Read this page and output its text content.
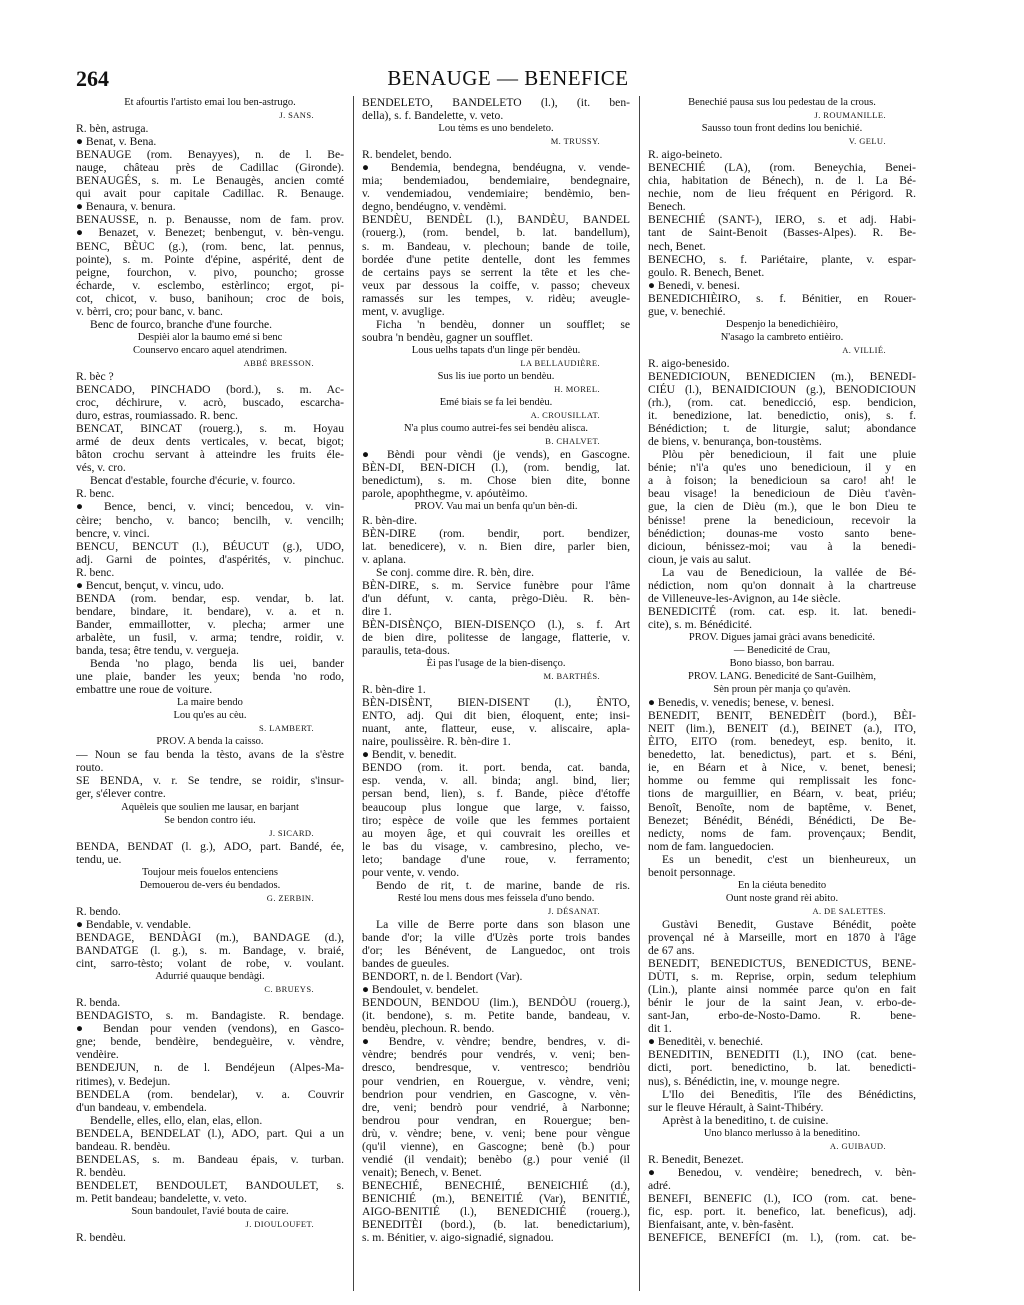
264	BENAUGE — BENEFICE
Et afourtis l'artisto emai lou ben-astrugo.
J. SANS.
R. bèn, astruga.
● Benat, v. Bena.
BENAUGE (rom. Benayyes), n. de l. Be-
nauge, château près de Cadillac (Gironde).
BENAUGÉS, s. m. Le Benaugès, ancien comté
qui avait pour capitale Cadillac. R. Benauge.
● Benaura, v. benura.
BENAUSSE, n. p. Benausse, nom de fam. prov.
● Benazet, v. Benezet; benbengut, v. bèn-vengu.
BENC, BÈUC (g.), (rom. benc, lat. pennus,
pointe), s. m. Pointe d'épine, aspérité, dent de
peigne, fourchon, v. pivo, pouncho; grosse
écharde, v. esclembo, estèrlinco; ergot, pi-
cot, chicot, v. buso, banihoun; croc de bois,
v. bèrri, cro; pour banc, v. banc.
Benc de fourco, branche d'une fourche.
Despièi alor la baumo emé si benc
Counservo encaro aquel atendrimen.
ABBÉ BRESSON.
R. bèc ?
BENCADO, PINCHADO (bord.), s. m. Ac-
croc, déchirure, v. acrò, buscado, escarcha-
duro, estras, roumiassado. R. benc.
BENCAT, BINCAT (rouerg.), s. m. Hoyau
armé de deux dents verticales, v. becat, bigot;
bâton crochu servant à atteindre les fruits éle-
vés, v. cro.
Bencat d'estable, fourche d'écurie, v. fourco.
R. benc.
● Bence, benci, v. vinci; bencedou, v. vin-
cèire; bencho, v. banco; bencilh, v. vencilh;
bencre, v. vinci.
BENCU, BENCUT (l.), BÉUCUT (g.), UDO,
adj. Garni de pointes, d'aspérités, v. pinchuc.
R. benc.
● Bencut, bençut, v. vincu, udo.
BENDA (rom. bendar, esp. vendar, b. lat.
bendare, bindare, it. bendare), v. a. et n.
Bander, emmaillotter, v. plecha; armer une
arbalète, un fusil, v. arma; tendre, roidir, v.
banda, tesa; être tendu, v. vergueja.
Benda 'no plago, benda lis uei, bander
une plaie, bander les yeux; benda 'no rodo,
embattre une roue de voiture.
La maire bendo
Lou qu'es au cèu.
S. LAMBERT.
PROV. A benda la caisso.
— Noun se fau benda la tèsto, avans de la s'èstre
routo.
SE BENDA, v. r. Se tendre, se roidir, s'insur-
ger, s'élever contre.
Aquèleis que soulien me lausar, en barjant
Se bendon contro iéu.
J. SICARD.
BENDA, BENDAT (l. g.), ADO, part. Bandé, ée,
tendu, ue.
Toujour meis fouelos entenciens
Demouerou de-vers éu bendados.
G. ZERBIN.
R. bendo.
● Bendable, v. vendable.
BENDAGE, BENDÀGI (m.), BANDAGE (d.),
BANDATGE (l. g.), s. m. Bandage, v. braié,
cint, sarro-tèsto; volant de robe, v. voulant.
Adurrié quauque bendàgi.
C. BRUEYS.
R. benda.
BENDAGISTO, s. m. Bandagiste. R. bendage.
● Bendan pour venden (vendons), en Gasco-
gne; bende, bendèire, bendeguèire, v. vèndre,
vendèire.
BENDEJUN, n. de l. Bendéjeun (Alpes-Ma-
ritimes), v. Bedejun.
BENDELA (rom. bendelar), v. a. Couvrir
d'un bandeau, v. embendela.
Bendelle, elles, ello, elan, elas, ellon.
BENDELA, BENDELAT (l.), ADO, part. Qui a un
bandeau. R. bendèu.
BENDELAS, s. m. Bandeau épais, v. turban.
R. bendèu.
BENDELET, BENDOULET, BANDOULET, s.
m. Petit bandeau; bandelette, v. veto.
Soun bandoulet, l'avié bouta de caire.
J. DIOULOUFET.
R. bendèu.
BENDELETO, BANDELETO (l.), (it. ben-
della), s. f. Bandelette, v. veto.
Lou tèms es uno bendeleto.
M. TRUSSY.
R. bendelet, bendo.
● Bendemia, bendegna, bendéugna, v. vende-
mia; bendemiadou, bendemiaire, bendegnaire,
v. vendemiadou, vendemiaire; bendèmio, ben-
degno, bendéugno, v. vendèmi.
BENDÈU, BENDÈL (l.), BANDÈU, BANDEL
(rouerg.), (rom. bendel, b. lat. bandellum),
s. m. Bandeau, v. plechoun; bande de toile,
bordée d'une petite dentelle, dont les femmes
de certains pays se serrent la tête et les che-
veux par dessous la coiffe, v. passo; cheveux
ramassés sur les tempes, v. ridèu; aveugle-
ment, v. avuglige.
Ficha 'n bendèu, donner un soufflet; se
soubra 'n bendèu, gagner un soufflet.
Lous uelhs tapats d'un linge për bendèu.
LA BELLAUDIÈRE.
Sus lis iue porto un bendèu.
H. MOREL.
Emé biais se fa lei bendèu.
A. CROUSILLAT.
N'a plus coumo autrei-fes sei bendèu alisca.
B. CHALVET.
● Bèndi pour vèndi (je vends), en Gascogne.
BÈN-DI, BEN-DICH (l.), (rom. bendig, lat.
benedictum), s. m. Chose bien dite, bonne
parole, apophthegme, v. apóutèimo.
PROV. Vau mai un benfa qu'un bèn-di.
R. bèn-dire.
BÈN-DIRE (rom. bendir, port. bendizer,
lat. benedicere), v. n. Bien dire, parler bien,
v. aplana.
Se conj. comme dire. R. bèn, dire.
BÈN-DIRE, s. m. Service funèbre pour l'âme
d'un défunt, v. canta, prègo-Dièu. R. bèn-
dire 1.
BÈN-DISÈNÇO, BIEN-DISENÇO (l.), s. f. Art
de bien dire, politesse de langage, flatterie, v.
paraulis, teta-dous.
Èi pas l'usage de la bien-disenço.
M. BARTHÉS.
R. bèn-dire 1.
BÈN-DISÈNT, BIEN-DISENT (l.), ÈNTO,
ENTO, adj. Qui dit bien, éloquent, ente; insi-
nuant, ante, flatteur, euse, v. aliscaire, apla-
naire, poulissèire. R. bèn-dire 1.
● Bendit, v. benedit.
BENDO (rom. it. port. benda, cat. banda,
esp. venda, v. all. binda; angl. bind, lier;
persan bend, lien), s. f. Bande, pièce d'étoffe
beaucoup plus longue que large, v. faisso,
tiro; espèce de voile que les femmes portaient
au moyen âge, et qui couvrait les oreilles et
le bas du visage, v. cambresino, plecho, ve-
leto; bandage d'une roue, v. ferramento;
pour vente, v. vendo.
Bendo de rit, t. de marine, bande de ris.
Resté lou mens dous mes feissela d'uno bendo.
J. DÉSANAT.
La ville de Berre porte dans son blason une
bande d'or; la ville d'Uzès porte trois bandes
d'or; les Bénévent, de Languedoc, ont trois
bandes de gueules.
BENDORT, n. de l. Bendort (Var).
● Bendoulet, v. bendelet.
BENDOUN, BENDOU (lim.), BENDÒU (rouerg.),
(it. bendone), s. m. Petite bande, bandeau, v.
bendèu, plechoun. R. bendo.
● Bendre, v. vèndre; bendre, bendres, v. di-
vèndre; bendrés pour vendrés, v. veni; ben-
dresco, bendresque, v. ventresco; bendriòu
pour vendrien, en Rouergue, v. vèndre, veni;
bendrion pour vendrien, en Gascogne, v. vèn-
dre, veni; bendrò pour vendrié, à Narbonne;
bendrou pour vendran, en Rouergue; ben-
drù, v. vèndre; bene, v. veni; bene pour vèngue
(qu'il vienne), en Gascogne; benè (b.) pour
vendié (il vendait); benèbo (g.) pour venié (il
venait); Benech, v. Benet.
BENECHIÉ, BENECHIÉ, BENEICHIÉ (d.),
BENICHIÉ (m.), BENEITIÉ (Var), BENITIÉ,
AIGO-BENITIÉ (l.), BENEDICHIÉ (rouerg.),
BENEDITÈI (bord.), (b. lat. benedictarium),
s. m. Bénitier, v. aigo-signadié, signadou.
Benechié pausa sus lou pedestau de la crous.
J. ROUMANILLE.
Sausso toun front dedins lou benichié.
V. GELU.
R. aigo-beineto.
BENECHIÉ (LA), (rom. Beneychia, Benei-
chia, habitation de Bénech), n. de l. La Bé-
nechie, nom de lieu fréquent en Périgord. R.
Benech.
BENECHIÉ (SANT-), IERO, s. et adj. Habi-
tant de Saint-Benoit (Basses-Alpes). R. Be-
nech, Benet.
BENECHO, s. f. Pariétaire, plante, v. espar-
goulo. R. Benech, Benet.
● Benedi, v. benesi.
BENEDICHIÈIRO, s. f. Bénitier, en Rouer-
gue, v. benechié.
Despenjo la benedichièiro,
N'asago la cambreto entièiro.
A. VILLIÉ.
R. aigo-benesido.
BENEDICIOUN, BENEDICIEN (m.), BENEDI-
CIÉU (l.), BENAIDICIOUN (g.), BENODICIOUN
(rh.), (rom. cat. benedicció, esp. bendicion,
it. benedizione, lat. benedictio, onis), s. f.
Bénédiction; t. de liturgie, salut; abondance
de biens, v. benurança, bon-toustèms.
Plòu pèr benedicioun, il fait une pluie
bénie; n'i'a qu'es uno benedicioun, il y en
a à foison; la benedicioun sa caro! ah! le
beau visage! la benedicioun de Dièu t'avèn-
gue, la cien de Dièu (m.), que le bon Dieu te
bénisse! prene la benedicioun, recevoir la
bénédiction; dounas-me vosto santo bene-
dicioun, bénissez-moi; vau à la benedi-
cioun, je vais au salut.
La vau de Benedicioun, la vallée de Bé-
nédiction, nom qu'on donnait à la chartreuse
de Villeneuve-les-Avignon, au 14e siècle.
BENEDICITÉ (rom. cat. esp. it. lat. benedi-
cite), s. m. Bénédicité.
PROV. Digues jamai gràci avans benedicité.
— Benedicité de Crau,
Bono biasso, bon barrau.
PROV. LANG. Benedicité de Sant-Guilhèm,
Sèn proun pèr manja ço qu'avèn.
● Benedis, v. venedis; benese, v. benesi.
BENEDIT, BENIT, BENEDÈIT (bord.), BÈI-
NEIT (lim.), BENEIT (d.), BEINET (a.), ITO,
ÈITO, EITO (rom. benedeyt, esp. benito, it.
benedetto, lat. benedictus), part. et s. Béni,
ie, en Béarn et à Nice, v. benet, benesi;
homme ou femme qui remplissait les fonc-
tions de marguillier, en Béarn, v. beat, priéu;
Benoît, Benoîte, nom de baptême, v. Benet,
Benezet; Bénédit, Bénédi, Bénédicti, De Be-
nedicty, noms de fam. provençaux; Bendit,
nom de fam. languedocien.
Es un benedit, c'est un bienheureux, un
benoit personnage.
En la ciéuta benedito
Ount noste grand rèi abito.
A. DE SALETTES.
Gustàvi Benedit, Gustave Bénédit, poète
provençal né à Marseille, mort en 1870 à l'âge
de 67 ans.
BENEDIT, BENEDICTUS, BENEDICTUS, BENE-
DÙTI, s. m. Reprise, orpin, sedum telephium
(Lin.), plante ainsi nommée parce qu'on en fait
bénir le jour de la saint Jean, v. erbo-de-
sant-Jan, erbo-de-Nosto-Damo. R. bene-
dit 1.
● Beneditèi, v. benechié.
BENEDITIN, BENEDITI (l.), INO (cat. bene-
dicti, port. benedictino, b. lat. benedicti-
nus), s. Bénédictin, ine, v. mounge negre.
L'Ilo dei Benedìtis, l'île des Bénédictins,
sur le fleuve Hérault, à Saint-Thibéry.
Aprèst à la beneditino, t. de cuisine.
Uno blanco merlusso à la beneditino.
A. GUIBAUD.
R. Benedit, Benezet.
● Benedou, v. vendèire; benedrech, v. bèn-
adré.
BENEFI, BENEFIC (l.), ICO (rom. cat. bene-
fic, esp. port. it. benefico, lat. beneficus), adj.
Bienfaisant, ante, v. bèn-fasènt.
BENEFICE, BENEFÍCI (m. l.), (rom. cat. be-
